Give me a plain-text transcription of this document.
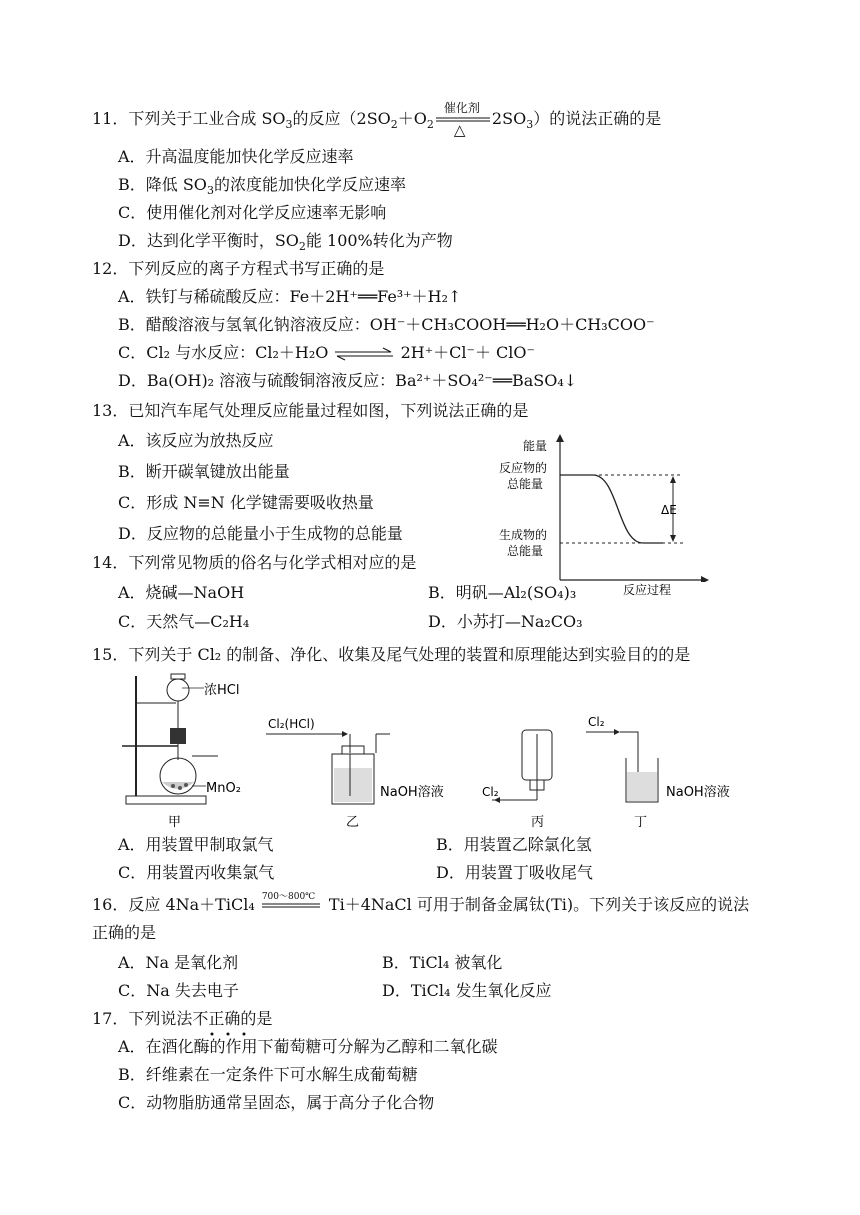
11．下列关于工业合成 $SO_3$的反应（$2SO_2+O_2$
催化剂
△
$2SO_3$）的说法正确的是
A．升高温度能加快化学反应速率
B．降低 $SO_3$的浓度能加快化学反应速率
C．使用催化剂对化学反应速率无影响
D．达到化学平衡时，$SO_2$能 100%转化为产物
12．下列反应的离子方程式书写正确的是
A．铁钉与稀硫酸反应：Fe＋2H⁺══Fe³⁺＋H₂↑
B．醋酸溶液与氢氧化钠溶液反应：OH⁻＋CH₃COOH══H₂O＋CH₃COO⁻
C．Cl₂ 与水反应：Cl₂＋H₂O ⇌ 2H⁺＋Cl⁻＋ ClO⁻
D．Ba(OH)₂ 溶液与硫酸铜溶液反应：Ba²⁺＋SO₄²⁻══BaSO₄↓
13．已知汽车尾气处理反应能量过程如图，下列说法正确的是
A．该反应为放热反应
B．断开碳氧键放出能量
C．形成 N≡N 化学键需要吸收热量
D．反应物的总能量小于生成物的总能量
能量
反应物的
总能量
生成物的
总能量
ΔE
反应过程
14．下列常见物质的俗名与化学式相对应的是
A．烧碱—NaOH	B．明矾—Al₂(SO₄)₃
C．天然气—C₂H₄	D．小苏打—Na₂CO₃
15．下列关于 Cl₂ 的制备、净化、收集及尾气处理的装置和原理能达到实验目的的是
浓HCl
MnO₂
甲
Cl₂(HCl)
NaOH溶液
乙
Cl₂
丙
Cl₂
NaOH溶液
丁
A．用装置甲制取氯气	B．用装置乙除氯化氢
C．用装置丙收集氯气	D．用装置丁吸收尾气
16．反应 4Na＋TiCl₄ 700～800℃ Ti＋4NaCl 可用于制备金属钛(Ti)。下列关于该反应的说法
正确的是
A．Na 是氧化剂	B．TiCl₄ 被氧化
C．Na 失去电子	D．TiCl₄ 发生氧化反应
17．下列说法不正确的是
A．在酒化酶的作用下葡萄糖可分解为乙醇和二氧化碳
B．纤维素在一定条件下可水解生成葡萄糖
C．动物脂肪通常呈固态，属于高分子化合物
